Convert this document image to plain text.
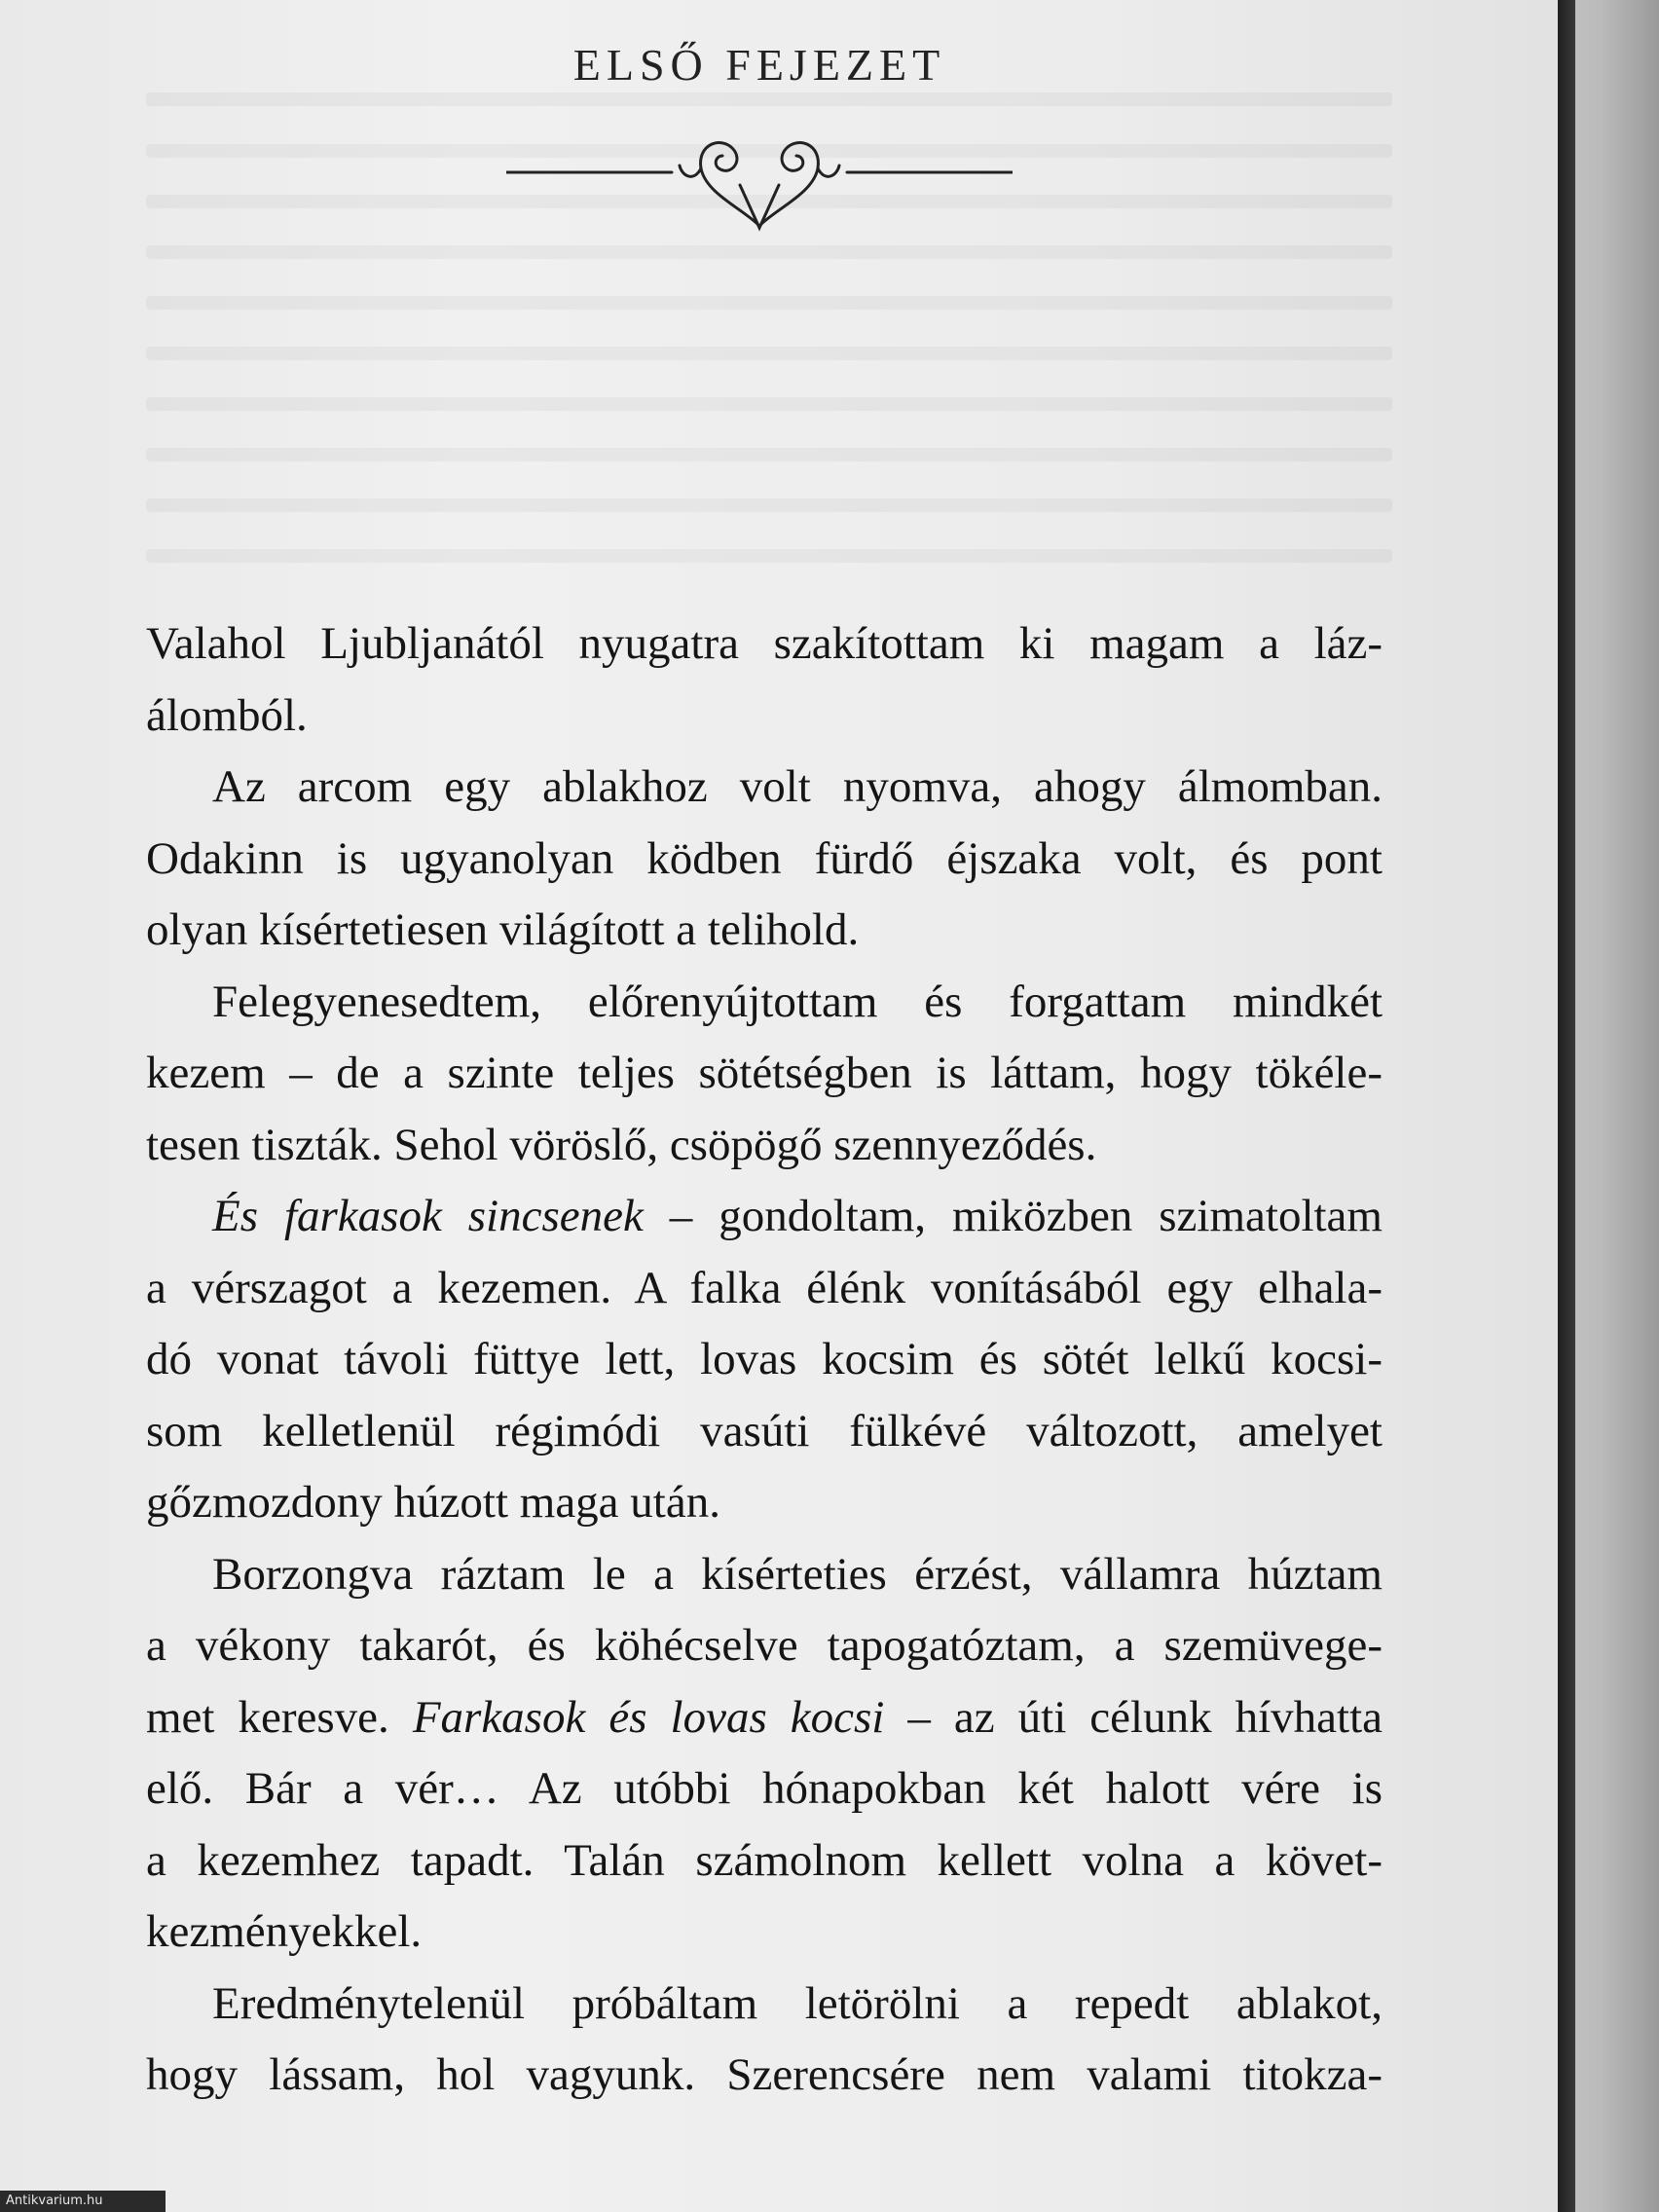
ELSŐ FEJEZET
Valahol Ljubljanától nyugatra szakítottam ki magam a láz-
álomból.
Az arcom egy ablakhoz volt nyomva, ahogy álmomban.
Odakinn is ugyanolyan ködben fürdő éjszaka volt, és pont
olyan kísértetiesen világított a telihold.
Felegyenesedtem, előrenyújtottam és forgattam mindkét
kezem – de a szinte teljes sötétségben is láttam, hogy tökéle-
tesen tiszták. Sehol vöröslő, csöpögő szennyeződés.
És farkasok sincsenek – gondoltam, miközben szimatoltam
a vérszagot a kezemen. A falka élénk vonításából egy elhala-
dó vonat távoli füttye lett, lovas kocsim és sötét lelkű kocsi-
som kelletlenül régimódi vasúti fülkévé változott, amelyet
gőzmozdony húzott maga után.
Borzongva ráztam le a kísérteties érzést, vállamra húztam
a vékony takarót, és köhécselve tapogatóztam, a szemüvege-
met keresve. Farkasok és lovas kocsi – az úti célunk hívhatta
elő. Bár a vér… Az utóbbi hónapokban két halott vére is
a kezemhez tapadt. Talán számolnom kellett volna a követ-
kezményekkel.
Eredménytelenül próbáltam letörölni a repedt ablakot,
hogy lássam, hol vagyunk. Szerencsére nem valami titokza-
Antikvarium.hu
